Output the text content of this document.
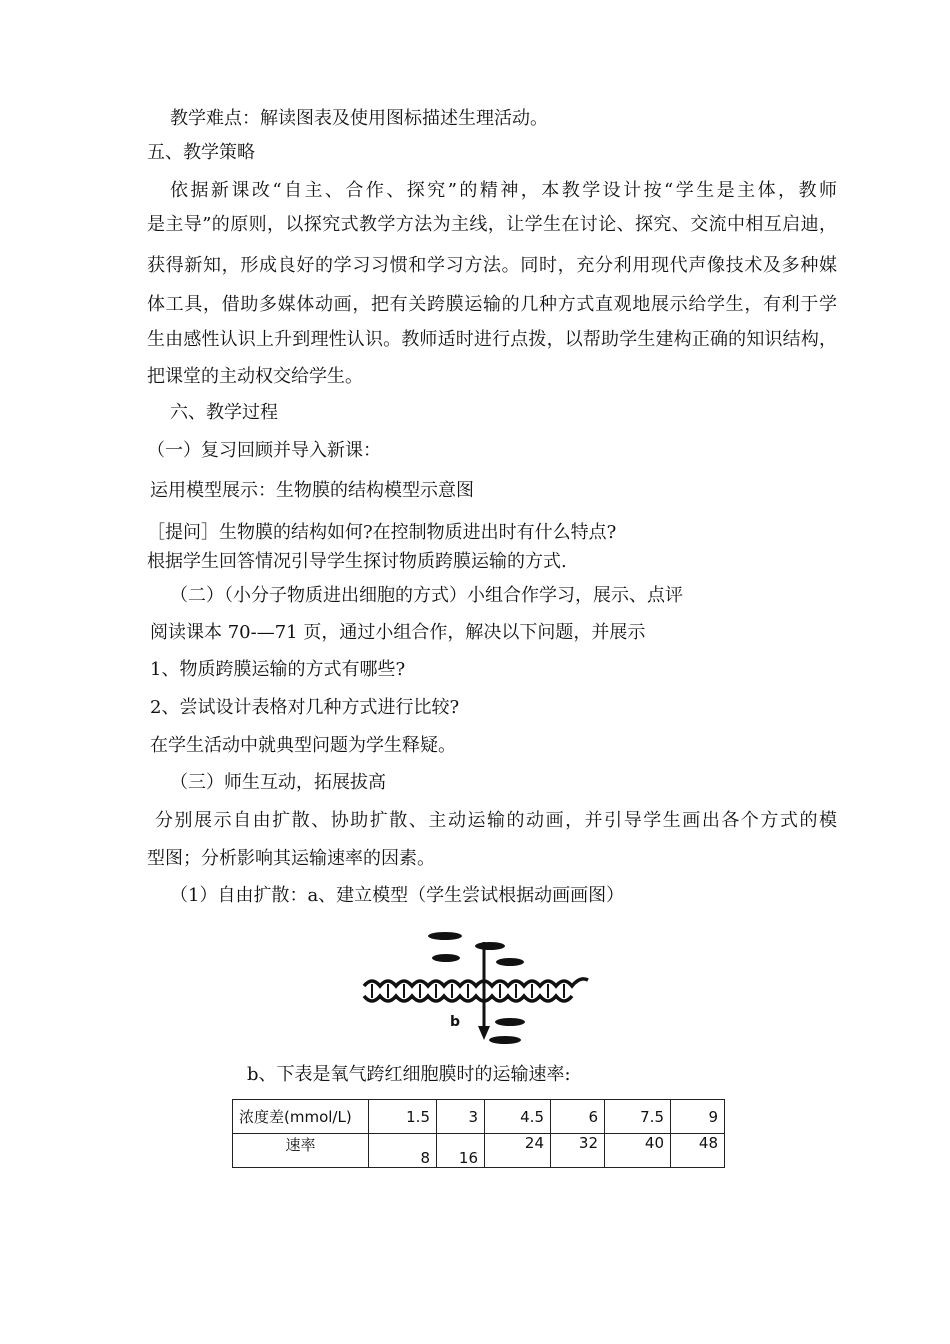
教学难点：解读图表及使用图标描述生理活动。
五、教学策略
依据新课改“自主、合作、探究”的精神，本教学设计按“学生是主体，教师
是主导”的原则，以探究式教学方法为主线，让学生在讨论、探究、交流中相互启迪，
获得新知，形成良好的学习习惯和学习方法。同时，充分利用现代声像技术及多种媒
体工具，借助多媒体动画，把有关跨膜运输的几种方式直观地展示给学生，有利于学
生由感性认识上升到理性认识。教师适时进行点拨，以帮助学生建构正确的知识结构，
把课堂的主动权交给学生。
六、教学过程
（一）复习回顾并导入新课：
运用模型展示：生物膜的结构模型示意图
［提问］生物膜的结构如何?在控制物质进出时有什么特点?
根据学生回答情况引导学生探讨物质跨膜运输的方式.
（二）（小分子物质进出细胞的方式）小组合作学习，展示、点评
阅读课本 70-—71 页，通过小组合作，解决以下问题，并展示
1、物质跨膜运输的方式有哪些?
2、尝试设计表格对几种方式进行比较?
在学生活动中就典型问题为学生释疑。
（三）师生互动，拓展拔高
分别展示自由扩散、协助扩散、主动运输的动画，并引导学生画出各个方式的模
型图；分析影响其运输速率的因素。
（1）自由扩散：a、建立模型（学生尝试根据动画画图）
b
b、下表是氧气跨红细胞膜时的运输速率:
浓度差(mmol/L)	1.5	3	4.5	6	7.5	9
速率	8	16	24	32	40	48
